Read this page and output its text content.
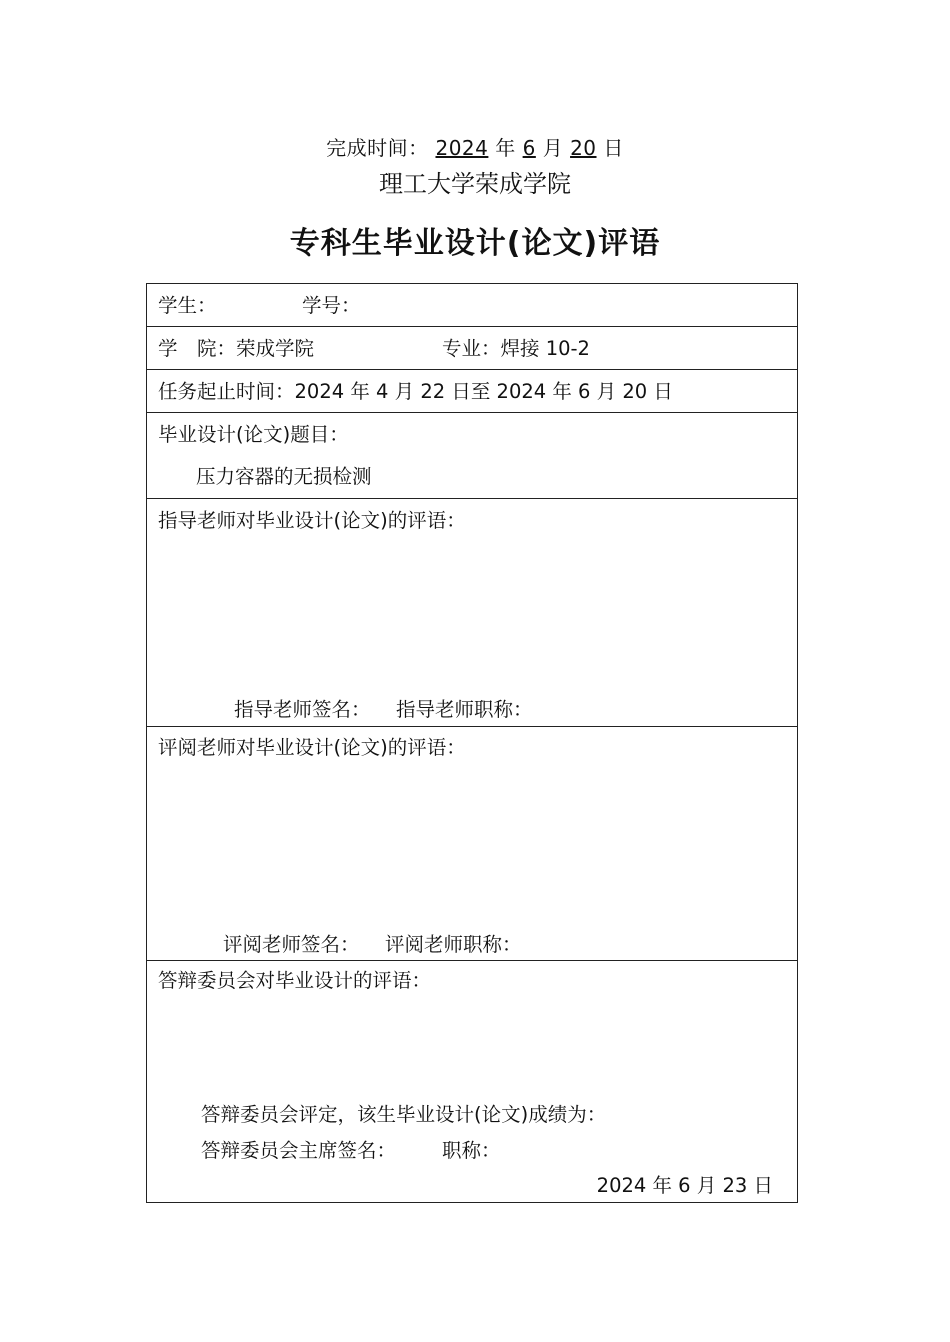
完成时间： 2024 年 6 月 20 日
理工大学荣成学院
专科生毕业设计(论文)评语
学生：	学号：
学　院：荣成学院	专业：焊接 10-2
任务起止时间：2024 年 4 月 22 日至 2024 年 6 月 20 日
毕业设计(论文)题目：
压力容器的无损检测
指导老师对毕业设计(论文)的评语：
指导老师签名： 指导老师职称：
评阅老师对毕业设计(论文)的评语：
评阅老师签名： 评阅老师职称：
答辩委员会对毕业设计的评语：
答辩委员会评定，该生毕业设计(论文)成绩为：
答辩委员会主席签名： 职称：
2024 年 6 月 23 日
